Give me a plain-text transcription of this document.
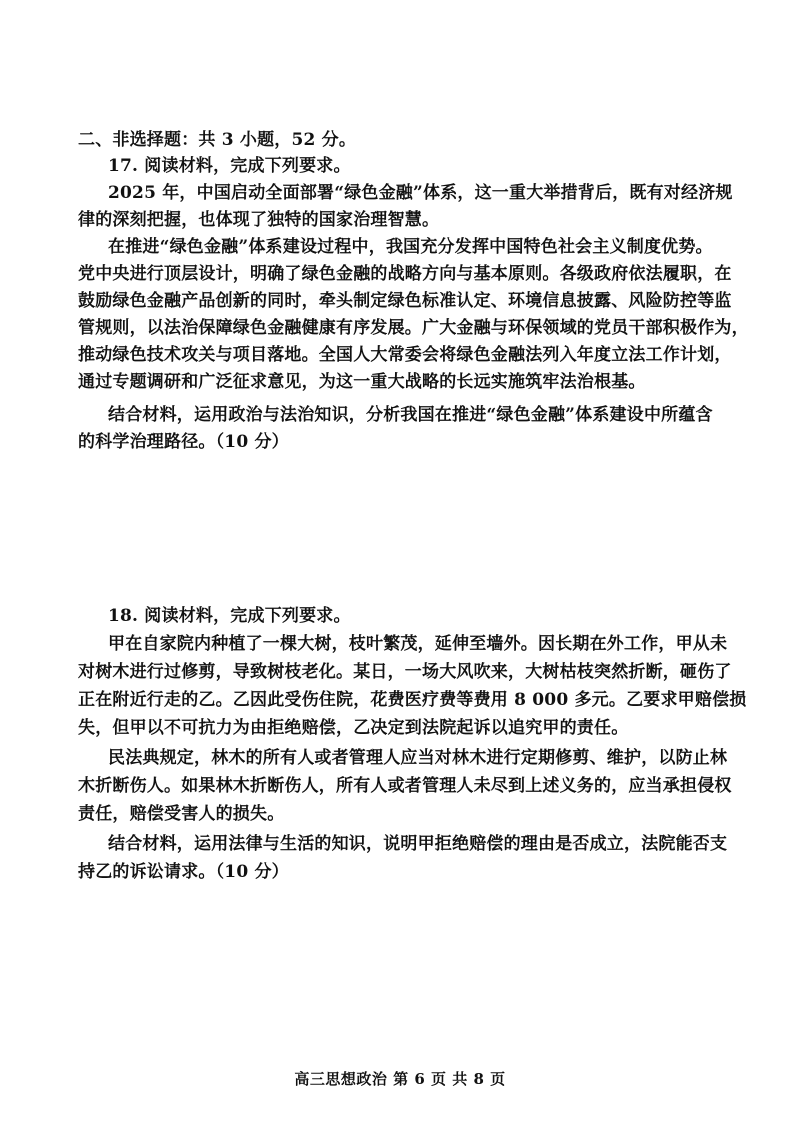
二、非选择题：共 3 小题，52 分。
17. 阅读材料，完成下列要求。
2025 年，中国启动全面部署“绿色金融”体系，这一重大举措背后，既有对经济规
律的深刻把握，也体现了独特的国家治理智慧。
在推进“绿色金融”体系建设过程中，我国充分发挥中国特色社会主义制度优势。
党中央进行顶层设计，明确了绿色金融的战略方向与基本原则。各级政府依法履职，在
鼓励绿色金融产品创新的同时，牵头制定绿色标准认定、环境信息披露、风险防控等监
管规则，以法治保障绿色金融健康有序发展。广大金融与环保领域的党员干部积极作为，
推动绿色技术攻关与项目落地。全国人大常委会将绿色金融法列入年度立法工作计划，
通过专题调研和广泛征求意见，为这一重大战略的长远实施筑牢法治根基。
结合材料，运用政治与法治知识，分析我国在推进“绿色金融”体系建设中所蕴含
的科学治理路径。（10 分）
18. 阅读材料，完成下列要求。
甲在自家院内种植了一棵大树，枝叶繁茂，延伸至墙外。因长期在外工作，甲从未
对树木进行过修剪，导致树枝老化。某日，一场大风吹来，大树枯枝突然折断，砸伤了
正在附近行走的乙。乙因此受伤住院，花费医疗费等费用 8 000 多元。乙要求甲赔偿损
失，但甲以不可抗力为由拒绝赔偿，乙决定到法院起诉以追究甲的责任。
民法典规定，林木的所有人或者管理人应当对林木进行定期修剪、维护，以防止林
木折断伤人。如果林木折断伤人，所有人或者管理人未尽到上述义务的，应当承担侵权
责任，赔偿受害人的损失。
结合材料，运用法律与生活的知识，说明甲拒绝赔偿的理由是否成立，法院能否支
持乙的诉讼请求。（10 分）
高三思想政治 第 6 页 共 8 页
